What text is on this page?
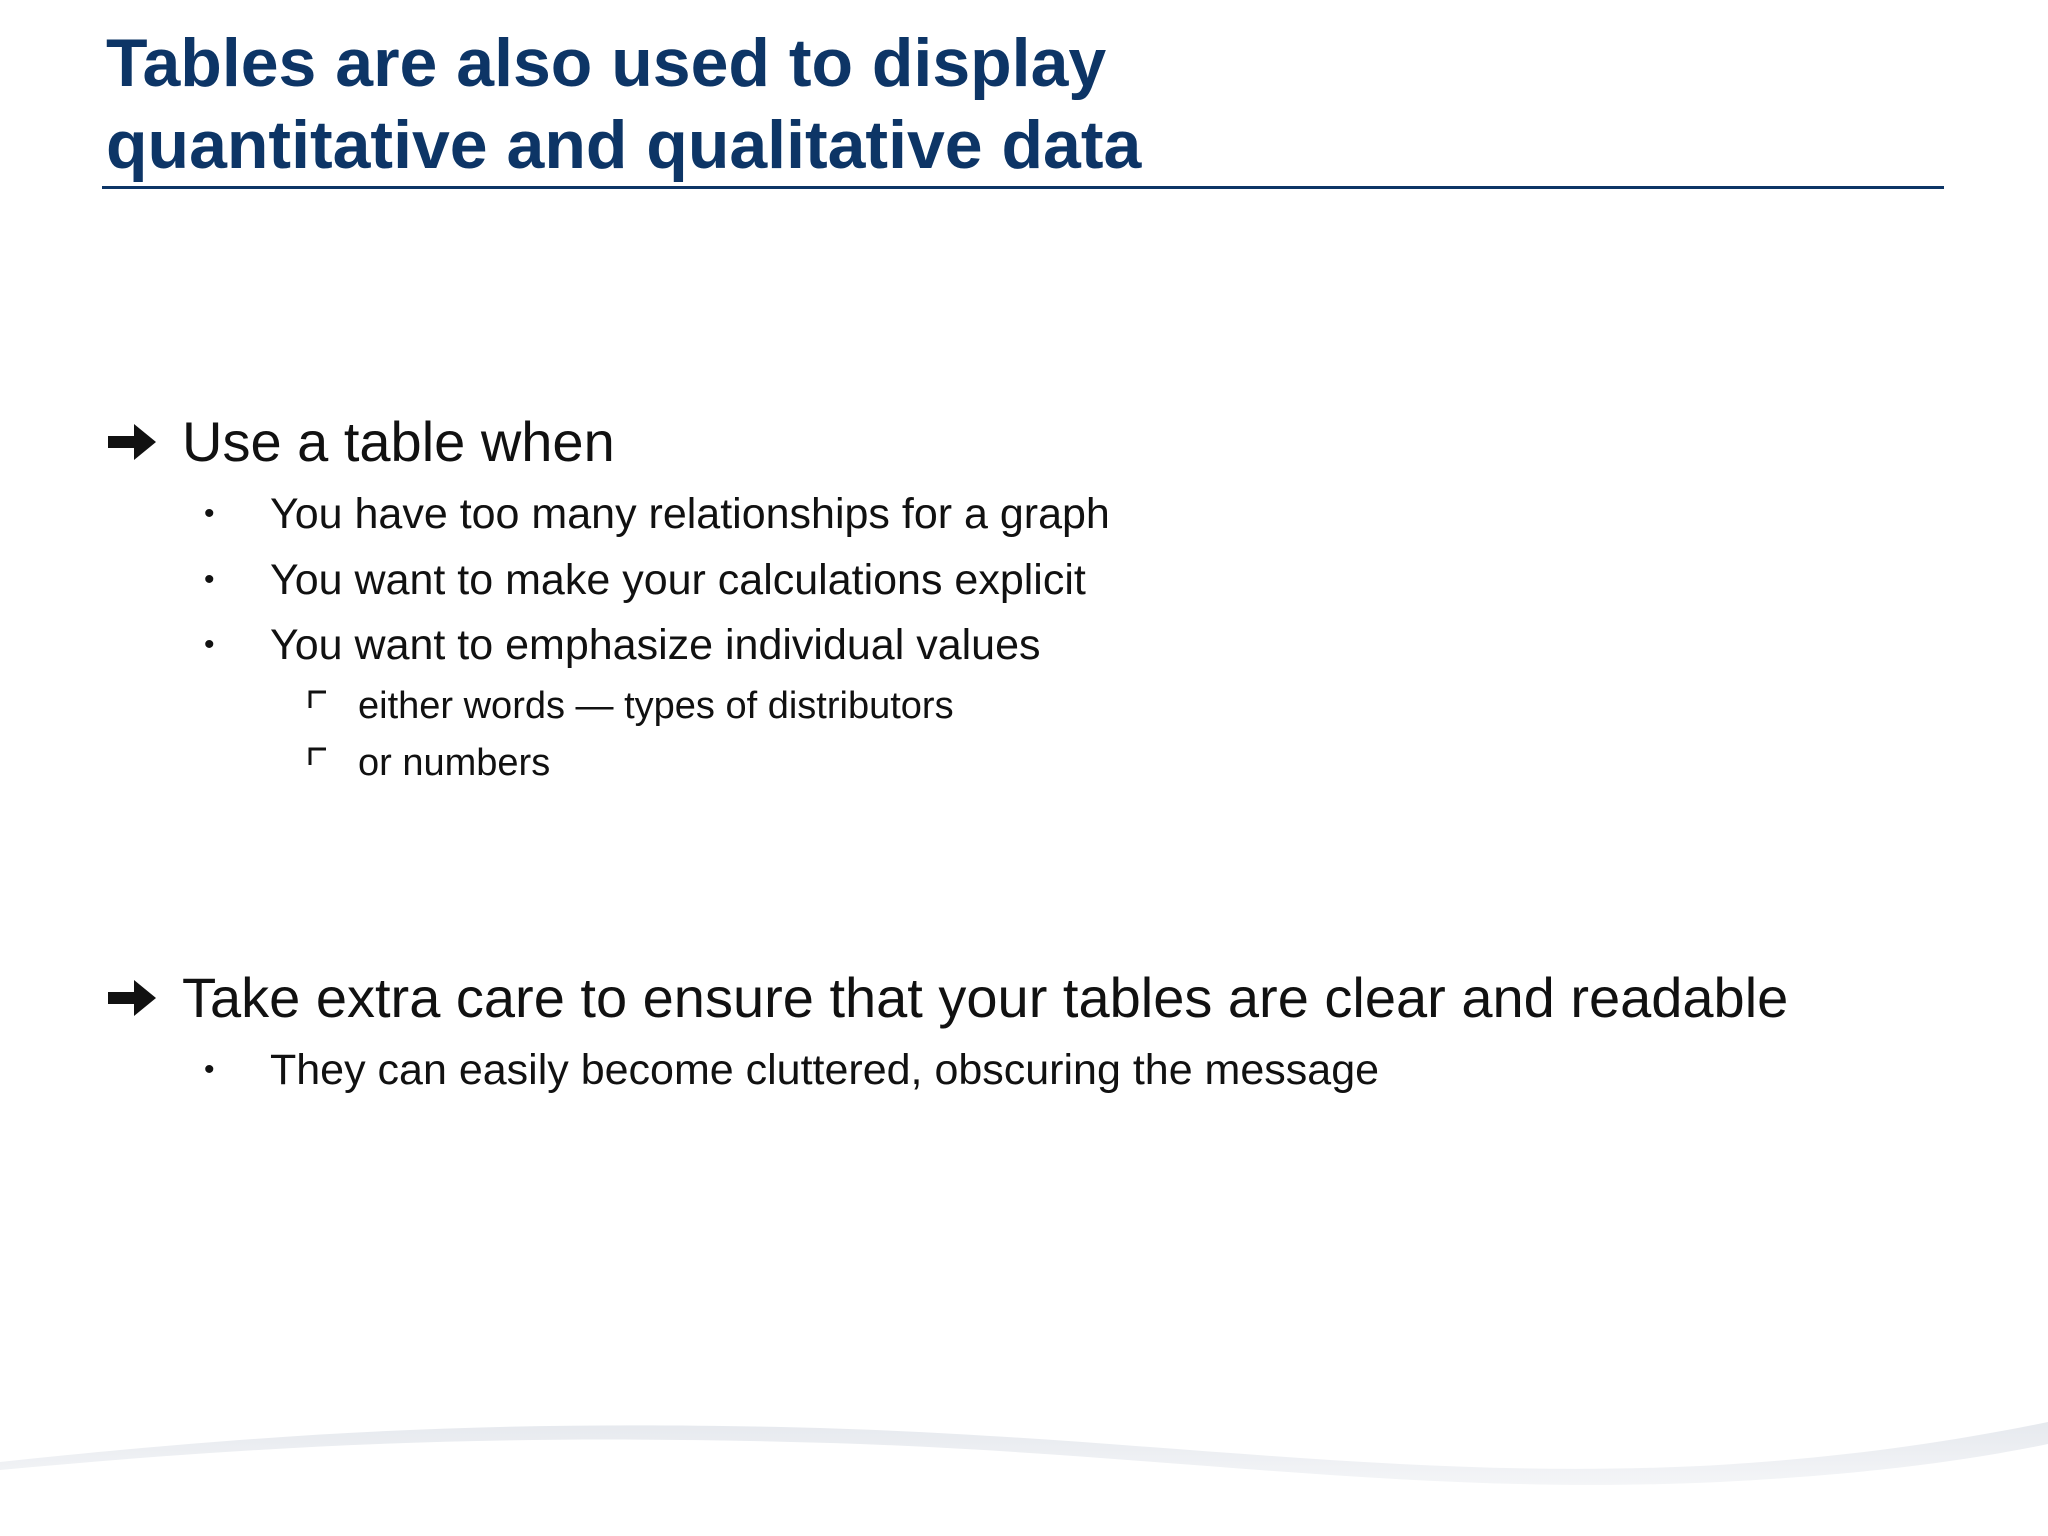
Tables are also used to display
quantitative and qualitative data
Use a table when
•	You have too many relationships for a graph
•	You want to make your calculations explicit
•	You want to emphasize individual values
either words — types of distributors
or numbers
Take extra care to ensure that your tables are clear and readable
•	They can easily become cluttered, obscuring the message
